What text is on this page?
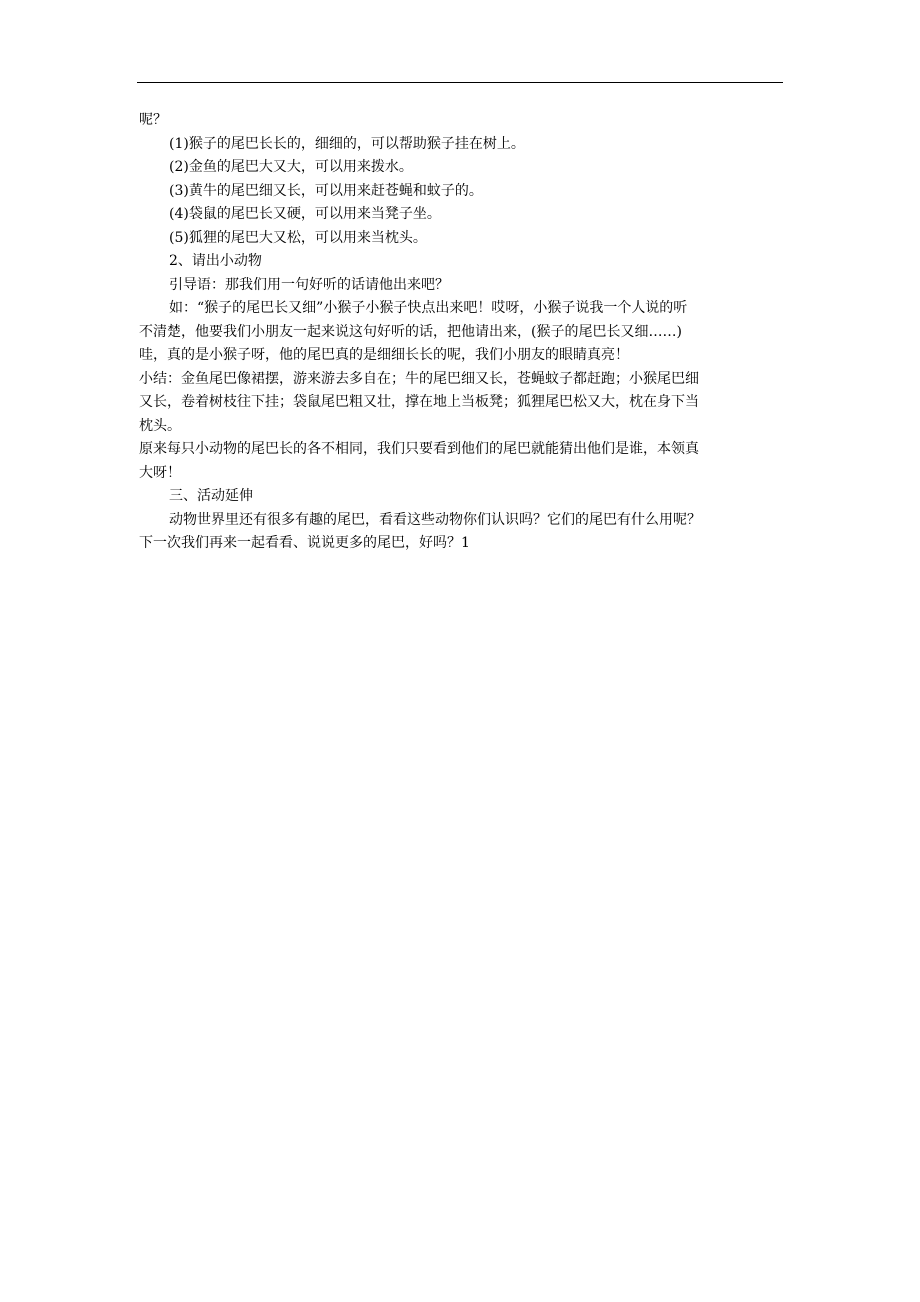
呢？

(1)猴子的尾巴长长的，细细的，可以帮助猴子挂在树上。

(2)金鱼的尾巴大又大，可以用来拨水。

(3)黄牛的尾巴细又长，可以用来赶苍蝇和蚊子的。

(4)袋鼠的尾巴长又硬，可以用来当凳子坐。

(5)狐狸的尾巴大又松，可以用来当枕头。

2、请出小动物

引导语：那我们用一句好听的话请他出来吧？

如：“猴子的尾巴长又细”小猴子小猴子快点出来吧！哎呀，小猴子说我一个人说的听

不清楚，他要我们小朋友一起来说这句好听的话，把他请出来，(猴子的尾巴长又细……)

哇，真的是小猴子呀，他的尾巴真的是细细长长的呢，我们小朋友的眼睛真亮！

小结：金鱼尾巴像裙摆，游来游去多自在；牛的尾巴细又长，苍蝇蚊子都赶跑；小猴尾巴细

又长，卷着树枝往下挂；袋鼠尾巴粗又壮，撑在地上当板凳；狐狸尾巴松又大，枕在身下当

枕头。

原来每只小动物的尾巴长的各不相同，我们只要看到他们的尾巴就能猜出他们是谁，本领真

大呀！

三、活动延伸

动物世界里还有很多有趣的尾巴，看看这些动物你们认识吗？它们的尾巴有什么用呢？

下一次我们再来一起看看、说说更多的尾巴，好吗？1
